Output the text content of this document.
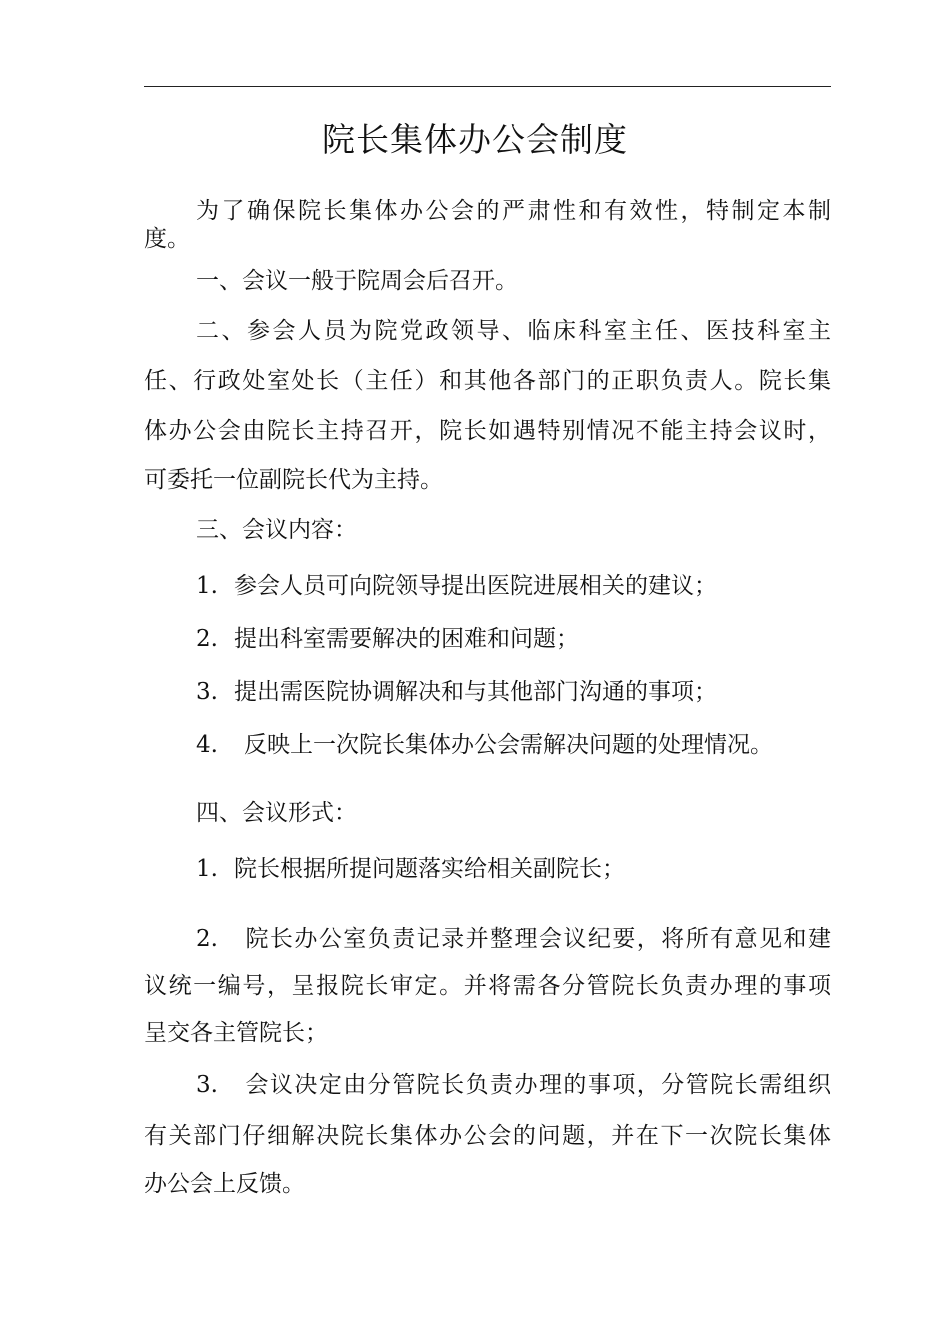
院长集体办公会制度
为了确保院长集体办公会的严肃性和有效性，特制定本制
度。
一、会议一般于院周会后召开。
二、参会人员为院党政领导、临床科室主任、医技科室主
任、行政处室处长（主任）和其他各部门的正职负责人。院长集
体办公会由院长主持召开，院长如遇特别情况不能主持会议时，
可委托一位副院长代为主持。
三、会议内容：
1. 参会人员可向院领导提出医院进展相关的建议；
2. 提出科室需要解决的困难和问题；
3. 提出需医院协调解决和与其他部门沟通的事项；
4. 反映上一次院长集体办公会需解决问题的处理情况。
四、会议形式：
1. 院长根据所提问题落实给相关副院长；
2. 院长办公室负责记录并整理会议纪要，将所有意见和建
议统一编号，呈报院长审定。并将需各分管院长负责办理的事项
呈交各主管院长；
3. 会议决定由分管院长负责办理的事项，分管院长需组织
有关部门仔细解决院长集体办公会的问题，并在下一次院长集体
办公会上反馈。
